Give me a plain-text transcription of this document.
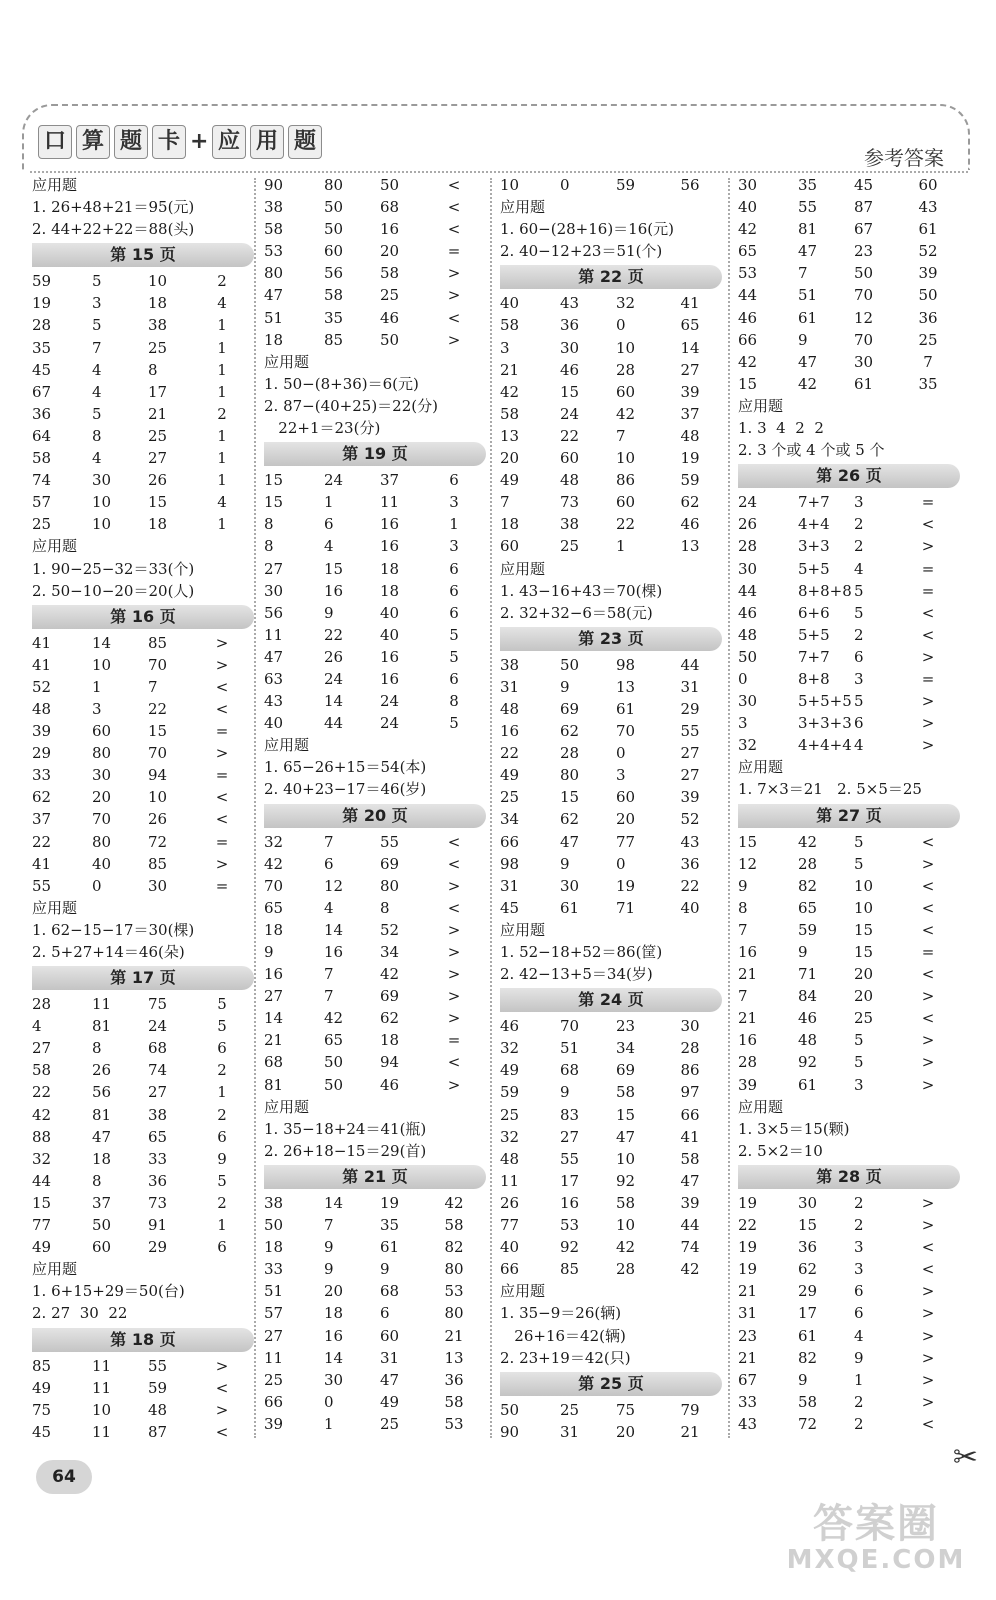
口 算 题 卡 + 应 用 题
参考答案
应用题
1. 26+48+21＝95(元)
2. 44+22+22＝88(头)
第 15 页
59	5	10	2
19	3	18	4
28	5	38	1
35	7	25	1
45	4	8	1
67	4	17	1
36	5	21	2
64	8	25	1
58	4	27	1
74	30	26	1
57	10	15	4
25	10	18	1
应用题
1. 90−25−32＝33(个)
2. 50−10−20＝20(人)
第 16 页
41	14	85	>
41	10	70	>
52	1	7	<
48	3	22	<
39	60	15	=
29	80	70	>
33	30	94	=
62	20	10	<
37	70	26	<
22	80	72	=
41	40	85	>
55	0	30	=
应用题
1. 62−15−17＝30(棵)
2. 5+27+14＝46(朵)
第 17 页
28	11	75	5
4	81	24	5
27	8	68	6
58	26	74	2
22	56	27	1
42	81	38	2
88	47	65	6
32	18	33	9
44	8	36	5
15	37	73	2
77	50	91	1
49	60	29	6
应用题
1. 6+15+29＝50(台)
2. 27  30  22
第 18 页
85	11	55	>
49	11	59	<
75	10	48	>
45	11	87	<
90	80	50	<
38	50	68	<
58	50	16	<
53	60	20	=
80	56	58	>
47	58	25	>
51	35	46	<
18	85	50	>
应用题
1. 50−(8+36)＝6(元)
2. 87−(40+25)＝22(分)
22+1＝23(分)
第 19 页
15	24	37	6
15	1	11	3
8	6	16	1
8	4	16	3
27	15	18	6
30	16	18	6
56	9	40	6
11	22	40	5
47	26	16	5
63	24	16	6
43	14	24	8
40	44	24	5
应用题
1. 65−26+15＝54(本)
2. 40+23−17＝46(岁)
第 20 页
32	7	55	<
42	6	69	<
70	12	80	>
65	4	8	<
18	14	52	>
9	16	34	>
16	7	42	>
27	7	69	>
14	42	62	>
21	65	18	=
68	50	94	<
81	50	46	>
应用题
1. 35−18+24＝41(瓶)
2. 26+18−15＝29(首)
第 21 页
38	14	19	42
50	7	35	58
18	9	61	82
33	9	9	80
51	20	68	53
57	18	6	80
27	16	60	21
11	14	31	13
25	30	47	36
66	0	49	58
39	1	25	53
10	0	59	56
应用题
1. 60−(28+16)＝16(元)
2. 40−12+23＝51(个)
第 22 页
40	43	32	41
58	36	0	65
3	30	10	14
21	46	28	27
42	15	60	39
58	24	42	37
13	22	7	48
20	60	10	19
49	48	86	59
7	73	60	62
18	38	22	46
60	25	1	13
应用题
1. 43−16+43＝70(棵)
2. 32+32−6＝58(元)
第 23 页
38	50	98	44
31	9	13	31
48	69	61	29
16	62	70	55
22	28	0	27
49	80	3	27
25	15	60	39
34	62	20	52
66	47	77	43
98	9	0	36
31	30	19	22
45	61	71	40
应用题
1. 52−18+52＝86(筐)
2. 42−13+5＝34(岁)
第 24 页
46	70	23	30
32	51	34	28
49	68	69	86
59	9	58	97
25	83	15	66
32	27	47	41
48	55	10	58
11	17	92	47
26	16	58	39
77	53	10	44
40	92	42	74
66	85	28	42
应用题
1. 35−9＝26(辆)
26+16＝42(辆)
2. 23+19＝42(只)
第 25 页
50	25	75	79
90	31	20	21
30	35	45	60
40	55	87	43
42	81	67	61
65	47	23	52
53	7	50	39
44	51	70	50
46	61	12	36
66	9	70	25
42	47	30	7
15	42	61	35
应用题
1. 3  4  2  2
2. 3 个或 4 个或 5 个
第 26 页
24	7+7	3	=
26	4+4	2	<
28	3+3	2	>
30	5+5	4	=
44	8+8+8 5	=
46	6+6	5	<
48	5+5	2	<
50	7+7	6	>
0	8+8	3	=
30	5+5+5 5	>
3	3+3+3 6	>
32	4+4+4 4	>
应用题
1. 7×3＝21   2. 5×5＝25
第 27 页
15	42	5	<
12	28	5	>
9	82	10	<
8	65	10	<
7	59	15	<
16	9	15	=
21	71	20	<
7	84	20	>
21	46	25	<
16	48	5	>
28	92	5	>
39	61	3	>
应用题
1. 3×5＝15(颗)
2. 5×2＝10
第 28 页
19	30	2	>
22	15	2	>
19	36	3	<
19	62	3	<
21	29	6	>
31	17	6	>
23	61	4	>
21	82	9	>
67	9	1	>
33	58	2	>
43	72	2	<
64
✂
答案圈
MXQE.COM
